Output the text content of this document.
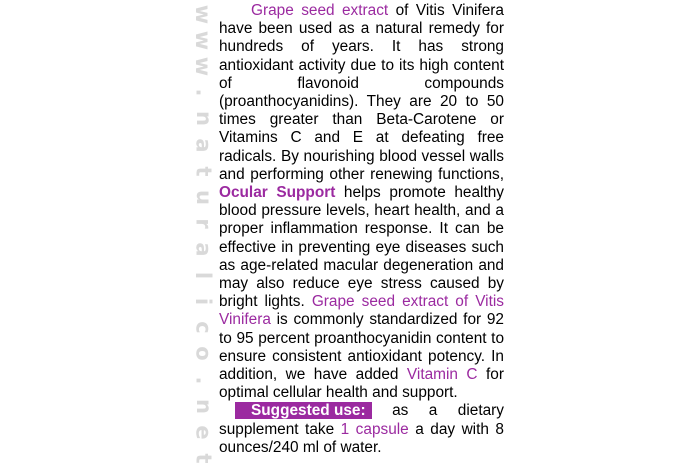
w
w
w
.
n
a
t
u
r
a
l
i
c
o
.
n
e
t

Grape seed extract of Vitis Vinifera have been used as a natural remedy for hundreds of years. It has strong antioxidant activity due to its high content of flavonoid compounds (proanthocyanidins). They are 20 to 50 times greater than Beta-Carotene or Vitamins C and E at defeating free radicals. By nourishing blood vessel walls and performing other renewing functions, Ocular Support helps promote healthy blood pressure levels, heart health, and a proper inflammation response. It can be effective in preventing eye diseases such as age-related macular degeneration and may also reduce eye stress caused by bright lights. Grape seed extract of Vitis Vinifera is commonly standardized for 92 to 95 percent proanthocyanidin content to ensure consistent antioxidant potency. In addition, we have added Vitamin C for optimal cellular health and support.

Suggested use: as a dietary supplement take 1 capsule a day with 8 ounces/240 ml of water.
